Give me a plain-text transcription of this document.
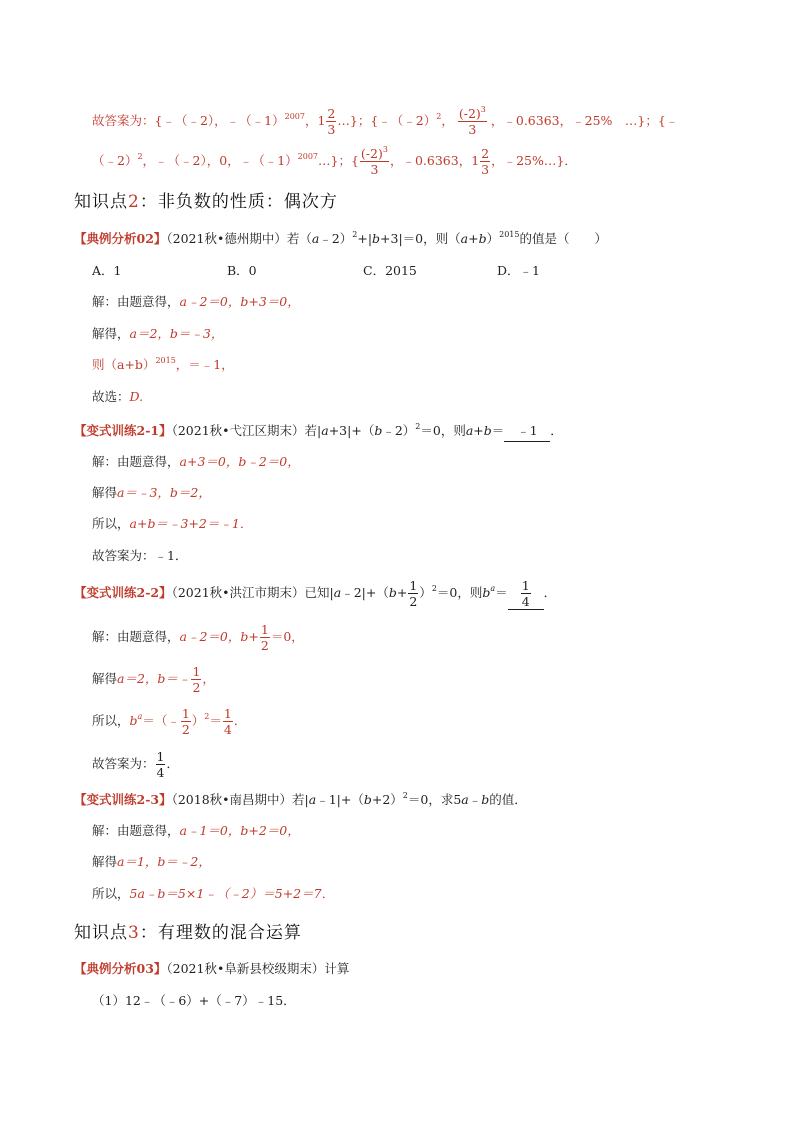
故答案为：{﹣（﹣2），﹣（﹣1）$^{2007}$，$1 \frac{2}{3}$ …}；{﹣（﹣2）$^2$， $\frac{(-2)^3}{3}$ ，﹣0.6363，﹣25%　…}；{﹣
（﹣2）$^2$，﹣（﹣2），0，﹣（﹣1）$^{2007}$…}；{ $\frac{(-2)^3}{3}$ ，﹣0.6363，$1 \frac{2}{3}$ ，﹣25%…}．
知识点2：非负数的性质：偶次方
【典例分析02】（2021秋•德州期中）若（a﹣2）$^2$+|b+3|＝0，则$(a+b)^{2015}$的值是（　　）
A．1	B．0	C．2015	D．﹣1
解：由题意得，a﹣2＝0，b+3＝0，
解得，a＝2，b＝﹣3，
则$(a+b)^{2015}$，＝﹣1，
故选：D.
【变式训练2-1】（2021秋•弋江区期末）若|a+3|+（b﹣2）$^2$＝0，则a+b＝ ﹣1 ．
解：由题意得，a+3＝0，b﹣2＝0，
解得a＝﹣3，b＝2，
所以，a+b＝﹣3+2＝﹣1．
故答案为：﹣1．
【变式训练2-2】（2021秋•洪江市期末）已知|a﹣2|+（b+ $\frac{1}{2} )^2=0$，则$b^a= \frac{1}{4}$ ．
解：由题意得，a﹣2＝0，$b+ \frac{1}{2} =0$，
解得a＝2，b＝﹣ $\frac{1}{2}$ ，
所以，$b^a=(﹣ \frac{1}{2} )^2= \frac{1}{4}$ ．
故答案为： $\frac{1}{4}$ ．
【变式训练2-3】（2018秋•南昌期中）若$|a﹣1|+(b+2)^2=0$，求5a﹣b的值．
解：由题意得，a﹣1＝0，b+2＝0，
解得a＝1，b＝﹣2，
所以，5a﹣b＝5×1﹣（﹣2）＝5+2＝7．
知识点3：有理数的混合运算
【典例分析03】（2021秋•阜新县校级期末）计算
（1）12﹣（﹣6）+（﹣7）﹣15．
